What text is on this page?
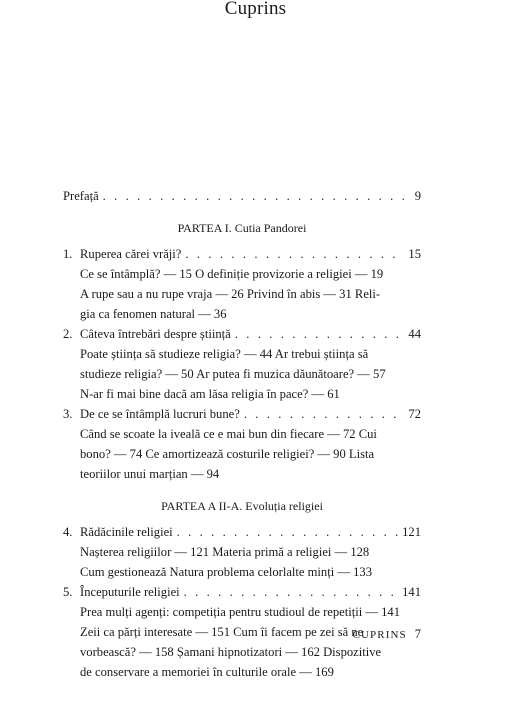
Cuprins
Prefață . . .	9
PARTEA I. Cutia Pandorei
1. Ruperea cărei vrăji? . . .	15
Ce se întâmplă? — 15 O definiție provizorie a religiei — 19
A rupe sau a nu rupe vraja — 26 Privind în abis — 31 Reli-
gia ca fenomen natural — 36
2. Câteva întrebări despre știință . . .	44
Poate știința să studieze religia? — 44 Ar trebui știința să
studieze religia? — 50 Ar putea fi muzica dăunătoare? — 57
N-ar fi mai bine dacă am lăsa religia în pace? — 61
3. De ce se întâmplă lucruri bune? . . .	72
Când se scoate la iveală ce e mai bun din fiecare — 72 Cui
bono? — 74 Ce amortizează costurile religiei? — 90 Lista
teoriilor unui marțian — 94
PARTEA A II-A. Evoluția religiei
4. Rădăcinile religiei . . .	121
Nașterea religiilor — 121 Materia primă a religiei — 128
Cum gestionează Natura problema celorlalte minți — 133
5. Începuturile religiei . . .	141
Prea mulți agenți: competiția pentru studioul de repetiții — 141
Zeii ca părți interesate — 151 Cum îi facem pe zei să ne
vorbească? — 158 Șamani hipnotizatori — 162 Dispozitive
de conservare a memoriei în culturile orale — 169
CUPRINS 7
